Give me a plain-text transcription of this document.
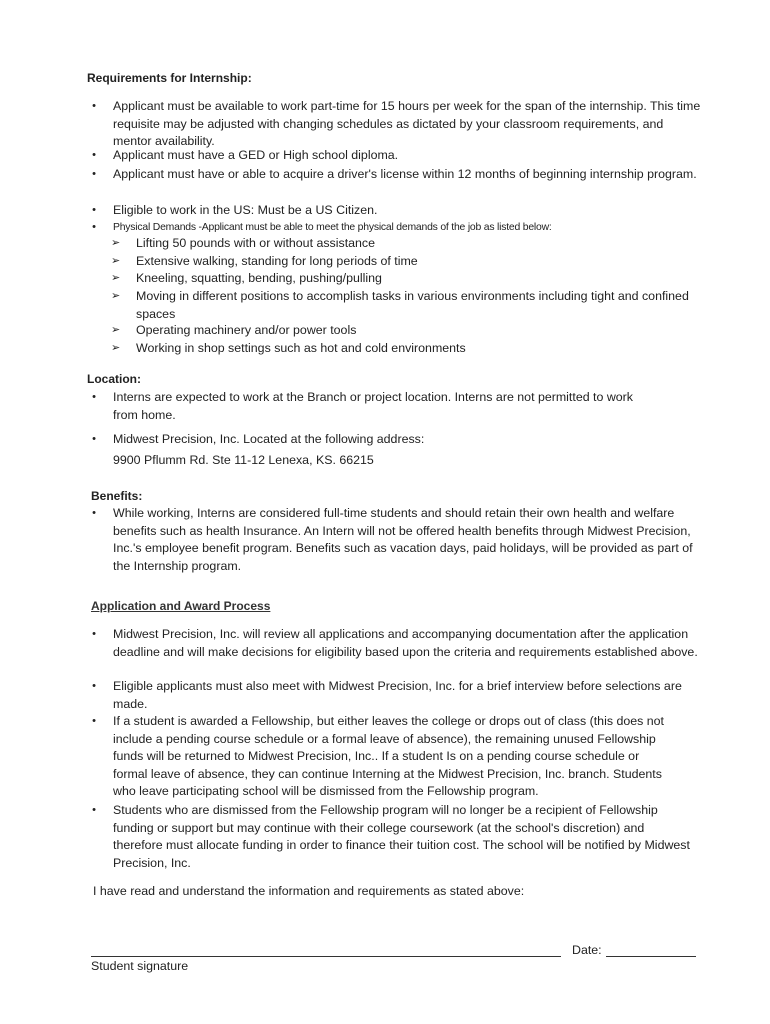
Requirements for Internship:
• Applicant must be available to work part-time for 15 hours per week for the span of the internship. This time requisite may be adjusted with changing schedules as dictated by your classroom requirements, and mentor availability.
• Applicant must have a GED or High school diploma.
• Applicant must have or able to acquire a driver's license within 12 months of beginning internship program.
• Eligible to work in the US: Must be a US Citizen.
•	Physical Demands -Applicant must be able to meet the physical demands of the job as listed below:
➢ Lifting 50 pounds with or without assistance
➢ Extensive walking, standing for long periods of time
➢ Kneeling, squatting, bending, pushing/pulling
➢ Moving in different positions to accomplish tasks in various environments including tight and confined spaces
➢ Operating machinery and/or power tools
➢ Working in shop settings such as hot and cold environments
Location:
• Interns are expected to work at the Branch or project location. Interns are not permitted to work from home.
• Midwest Precision, Inc. Located at the following address:
9900 Pflumm Rd. Ste 11-12 Lenexa, KS. 66215
Benefits:
• While working, Interns are considered full-time students and should retain their own health and welfare benefits such as health Insurance. An Intern will not be offered health benefits through Midwest Precision, Inc.'s employee benefit program. Benefits such as vacation days, paid holidays, will be provided as part of the Internship program.
Application and Award Process
• Midwest Precision, Inc. will review all applications and accompanying documentation after the application deadline and will make decisions for eligibility based upon the criteria and requirements established above.
• Eligible applicants must also meet with Midwest Precision, Inc. for a brief interview before selections are made.
• If a student is awarded a Fellowship, but either leaves the college or drops out of class (this does not include a pending course schedule or a formal leave of absence), the remaining unused Fellowship funds will be returned to Midwest Precision, Inc.. If a student Is on a pending course schedule or formal leave of absence, they can continue Interning at the Midwest Precision, Inc. branch. Students who leave participating school will be dismissed from the Fellowship program.
• Students who are dismissed from the Fellowship program will no longer be a recipient of Fellowship funding or support but may continue with their college coursework (at the school's discretion) and therefore must allocate funding in order to finance their tuition cost. The school will be notified by Midwest Precision, Inc.
I have read and understand the information and requirements as stated above:
Date:
Student signature
